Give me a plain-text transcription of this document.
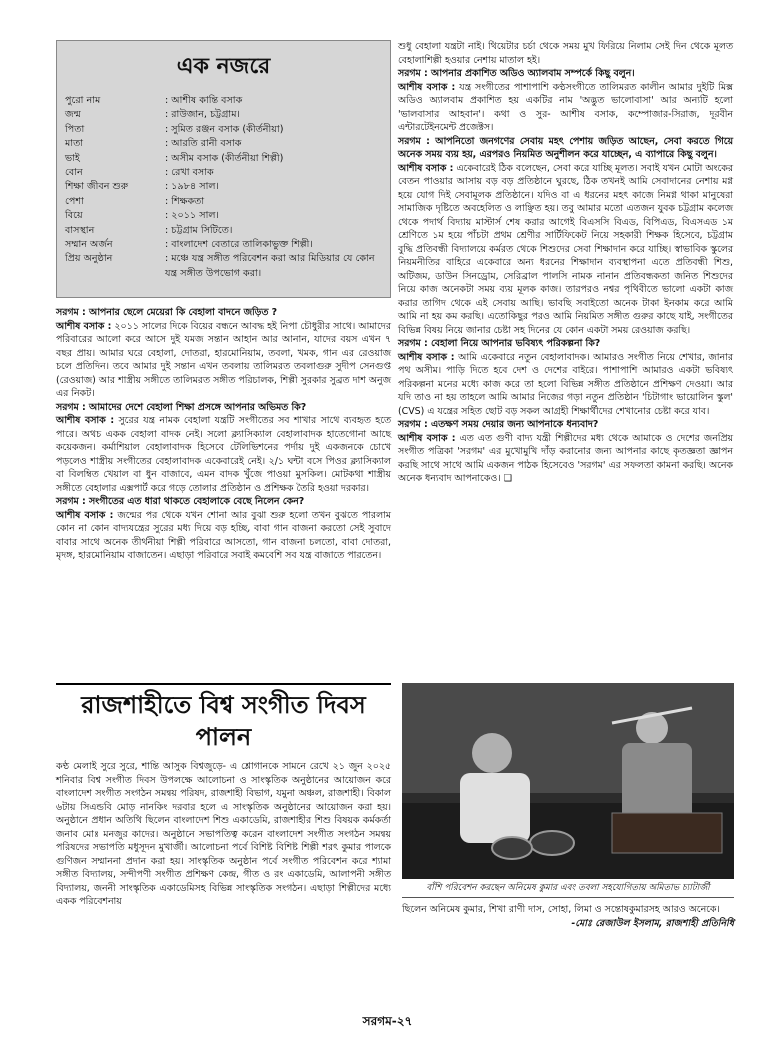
এক নজরে
পুরো নাম	: আশীষ কান্তি বসাক
জন্ম	: রাউজান, চট্টগ্রাম।
পিতা	: সুমিত রঞ্জন বসাক (কীর্তনীয়া)
মাতা	: আরতি রানী বসাক
ভাই	: অসীম বসাক (কীর্তনীয়া শিল্পী)
বোন	: রেখা বসাক
শিক্ষা জীবন শুরু	: ১৯৮৪ সাল।
পেশা	: শিক্ষকতা
বিয়ে	: ২০১১ সাল।
বাসস্থান	: চট্টগ্রাম সিটিতে।
সম্মান অর্জন	: বাংলাদেশ বেতারে তালিকাভুক্ত শিল্পী।
প্রিয় অনুষ্ঠান	: মঞ্চে যন্ত্র সঙ্গীত পরিবেশন করা আর মিডিয়ার যে কোন যন্ত্র সঙ্গীত উপভোগ করা।

সরগম : আপনার ছেলে মেয়েরা কি বেহালা বাদনে জড়িত ?

আশীষ বসাক : ২০১১ সালের দিকে বিয়ের বন্ধনে আবদ্ধ হই নিপা চৌধুরীর সাথে। আমাদের পরিবারের আলো করে আসে দুই যমজ সন্তান আহান আর আনান, যাদের বয়স এখন ৭ বছর প্রায়। আমার ঘরে বেহালা, দোতরা, হারমোনিয়াম, তবলা, খমক, গান এর রেওয়াজ চলে প্রতিদিন। তবে আমার দুই সন্তান এখন তবলায় তালিমরত তবলাগুরু সুদীপ সেনগুপ্ত (রেওয়াজ) আর শাস্ত্রীয় সঙ্গীতে তালিমরত সঙ্গীত পরিচালক, শিল্পী সুরকার সুব্রত দাশ অনুজ এর নিকট।

সরগম : আমাদের দেশে বেহালা শিক্ষা প্রসঙ্গে আপনার অভিমত কি?

আশীষ বসাক : সুরের যন্ত্র নামক বেহালা যন্ত্রটি সংগীতের সব শাখার সাথে ব্যবহৃত হতে পারে। অথচ একক বেহালা বাদক নেই। সলো ক্ল্যাসিক্যাল বেহালাবাদক হাতেগোনা আছে কয়েকজন। কর্মাশিয়াল বেহালাবাদক হিসেবে টেলিভিশনের পর্দায় দুই একজনকে চোখে পড়লেও শাস্ত্রীয় সংগীতের বেহালাবাদক একেবারেই নেই। ২/১ ঘন্টা বসে পিওর ক্ল্যাসিক্যাল বা বিলম্বিত খেয়াল বা ধুন বাজাবে, এমন বাদক খুঁজে পাওয়া মুসকিল। মোটকথা শাস্ত্রীয় সঙ্গীতে বেহালার এক্সপার্ট করে গড়ে তোলার প্রতিষ্ঠান ও প্রশিক্ষক তৈরি হওয়া দরকার।

সরগম : সংগীতের এত ধারা থাকতে বেহালাকে বেছে নিলেন কেন?

আশীষ বসাক : জন্মের পর থেকে যখন শোনা আর বুঝা শুরু হলো তখন বুঝতে পারলাম কোন না কোন বাদ্যযন্ত্রের সুরের মধ্য দিয়ে বড় হচ্ছি, বাবা গান বাজনা করতো সেই সুবাদে বাবার সাথে অনেক তীর্থনীয়া শিল্পী পরিবারে আসতো, গান বাজনা চলতো, বাবা দোতরা, মৃদঙ্গ, হারমোনিয়াম বাজাতেন। এছাড়া পরিবারে সবাই কমবেশি সব যন্ত্র বাজাতে পারতেন।

শুধু বেহালা যন্ত্রটা নাই। থিয়েটার চর্চা থেকে সময় মুখ ফিরিয়ে নিলাম সেই দিন থেকে মূলত বেহালাশিল্পী হওয়ার নেশায় মাতাল হই।

সরগম : আপনার প্রকাশিত অডিও অ্যালবাম সম্পর্কে কিছু বলুন।

আশীষ বসাক : যন্ত্র সংগীতের পাশাপাশি কণ্ঠসংগীতে তালিমরত কালীন আমার দুইটি মিক্স অডিও অ্যালবাম প্রকাশিত হয় একটির নাম 'অদ্ভুত ভালোবাসা' আর অন্যটি হলো 'ভালবাসার আহবান'। কথা ও সুর- আশীষ বসাক, কম্পোজার-সিরাজ, দূরবীন এন্টারটেইনমেন্ট প্রজেক্টস।

সরগম : আপনিতো জনগণের সেবায় মহৎ পেশায় জড়িত আছেন, সেবা করতে গিয়ে অনেক সময় ব্যয় হয়, এরপরও নিয়মিত অনুশীলন করে যাচ্ছেন, এ ব্যাপারে কিছু বলুন।

আশীষ বসাক : একেবারেই ঠিক বলেছেন, সেবা করে যাচ্ছি মূলত। সবাই যখন মোটা অংকের বেতন পাওয়ার আসায় বড় বড় প্রতিষ্ঠানে ঘুরছে, ঠিক তখনই আমি সেবাদানের নেশায় মগ্ন হয়ে যোগ দিই সেবামূলক প্রতিষ্ঠানে। যদিও বা এ ধরনের মহৎ কাজে নিমগ্ন থাকা মানুষেরা সামাজিক দৃষ্টিতে অবহেলিত ও লাঞ্ছিত হয়। তবু আমার মতো এতজন যুবক চট্টগ্রাম কলেজ থেকে পদার্থ বিদ্যায় মাস্টার্স শেষ করার আগেই বিএসসি বিএড, বিপিএড, বিএসএড ১ম শ্রেণিতে ১ম হয়ে পাঁচটা প্রথম শ্রেণীর সার্টিফিকেট নিয়ে সহকারী শিক্ষক হিসেবে, চট্টগ্রাম বুদ্ধি প্রতিবন্ধী বিদ্যালয়ে কর্মরত থেকে শিশুদের সেবা শিক্ষাদান করে যাচ্ছি। স্বাভাবিক স্কুলের নিয়মনীতির বাহিরে একেবারে অন্য ধরনের শিক্ষাদান ব্যবস্থাপনা এতে প্রতিবন্ধী শিশু, অটিজম, ডাউন সিনড্রোম, সেরিব্রাল পালসি নামক নানান প্রতিবন্ধকতা জনিত শিশুদের নিয়ে কাজ অনেকটা সময় ব্যয় মূলক কাজ। তারপরও নশ্বর পৃথিবীতে ভালো একটা কাজ করার তাগিদ থেকে এই সেবায় আছি। ভাবছি সবাইতো অনেক টাকা ইনকাম করে আমি আমি না হয় কম করছি। এতোকিছুর পরও আমি নিয়মিত সঙ্গীত গুরুর কাছে যাই, সংগীতের বিভিন্ন বিষয় নিয়ে জানার চেষ্টা সহ দিনের যে কোন একটা সময় রেওয়াজ করছি।

সরগম : বেহালা নিয়ে আপনার ভবিষ্যৎ পরিকল্পনা কি?

আশীষ বসাক : আমি একেবারে নতুন বেহালাবাদক। আমারও সংগীত নিয়ে শেখার, জানার পথ অসীম। পাড়ি দিতে হবে দেশ ও দেশের বাইরে। পাশাপাশি আমারও একটা ভবিষ্যৎ পরিকল্পনা মনের মধ্যে কাজ করে তা হলো বিভিন্ন সঙ্গীত প্রতিষ্ঠানে প্রশিক্ষণ দেওয়া। আর যদি তাও না হয় তাহলে আমি আমার নিজের গড়া নতুন প্রতিষ্ঠান 'চিটাগাং ভায়োলিন স্কুল' (CVS) এ যন্ত্রের সহিত ছোট বড় সকল আগ্রহী শিক্ষার্থীদের শেখানোর চেষ্টা করে যাব।

সরগম : এতক্ষণ সময় দেয়ার জন্য আপনাকে ধন্যবাদ?

আশীষ বসাক : এত এত গুণী বাদ্য যন্ত্রী শিল্পীদের মধ্য থেকে আমাকে ও দেশের জনপ্রিয় সংগীত পত্রিকা 'সরগম' এর মুখোমুখি দাঁড় করানোর জন্য আপনার কাছে কৃতজ্ঞতা জ্ঞাপন করছি সাথে সাথে আমি একজন পাঠক হিসেবেও 'সরগম' এর সফলতা কামনা করছি। অনেক অনেক ধন্যবাদ আপনাকেও। ❑

রাজশাহীতে বিশ্ব সংগীত দিবস পালন

কণ্ঠ মেলাই সুরে সুরে, শান্তি আসুক বিশ্বজুড়ে- এ শ্লোগানকে সামনে রেখে ২১ জুন ২০২৫ শনিবার বিশ্ব সংগীত দিবস উপলক্ষে আলোচনা ও সাংস্কৃতিক অনুষ্ঠানের আয়োজন করে বাংলাদেশ সংগীত সংগঠন সমন্বয় পরিষদ, রাজশাহী বিভাগ, যমুনা অঞ্চল, রাজশাহী। বিকাল ৬টায় সিএন্ডবি মোড় নানকিং দরবার হলে এ সাংস্কৃতিক অনুষ্ঠানের আয়োজন করা হয়। অনুষ্ঠানে প্রধান অতিথি ছিলেন বাংলাদেশ শিশু একাডেমি, রাজশাহীর শিশু বিষয়ক কর্মকর্তা জনাব মোঃ মনজুর কাদের। অনুষ্ঠানে সভাপতিত্ব করেন বাংলাদেশ সংগীত সংগঠন সমন্বয় পরিষদের সভাপতি মধুসূদন মুখার্জী। আলোচনা পর্বে বিশিষ্ট বিশিষ্ট শিল্পী শরৎ কুমার পালকে গুণিজন সম্মাননা প্রদান করা হয়। সাংস্কৃতিক অনুষ্ঠান পর্বে সংগীত পরিবেশন করে শ্যামা সঙ্গীত বিদ্যালয়, সন্দীপণী সংগীত প্রশিক্ষণ কেন্দ্র, গীত ও রং একাডেমি, আলাপনী সঙ্গীত বিদ্যালয়, জননী সাংস্কৃতিক একাডেমিসহ বিভিন্ন সাংস্কৃতিক সংগঠন। এছাড়া শিল্পীদের মধ্যে একক পরিবেশনায়

বাঁশি পরিবেশন করছেন অনিমেষ কুমার এবং তবলা সহযোগিতায় অমিতাভ চ্যাটার্জী
ছিলেন অনিমেষ কুমার, শিখা রাণী দাস, সোহা, লিমা ও সন্তোষকুমারসহ আরও অনেকে।
-মোঃ রেজাউল ইসলাম, রাজশাহী প্রতিনিধি
সরগম-২৭
